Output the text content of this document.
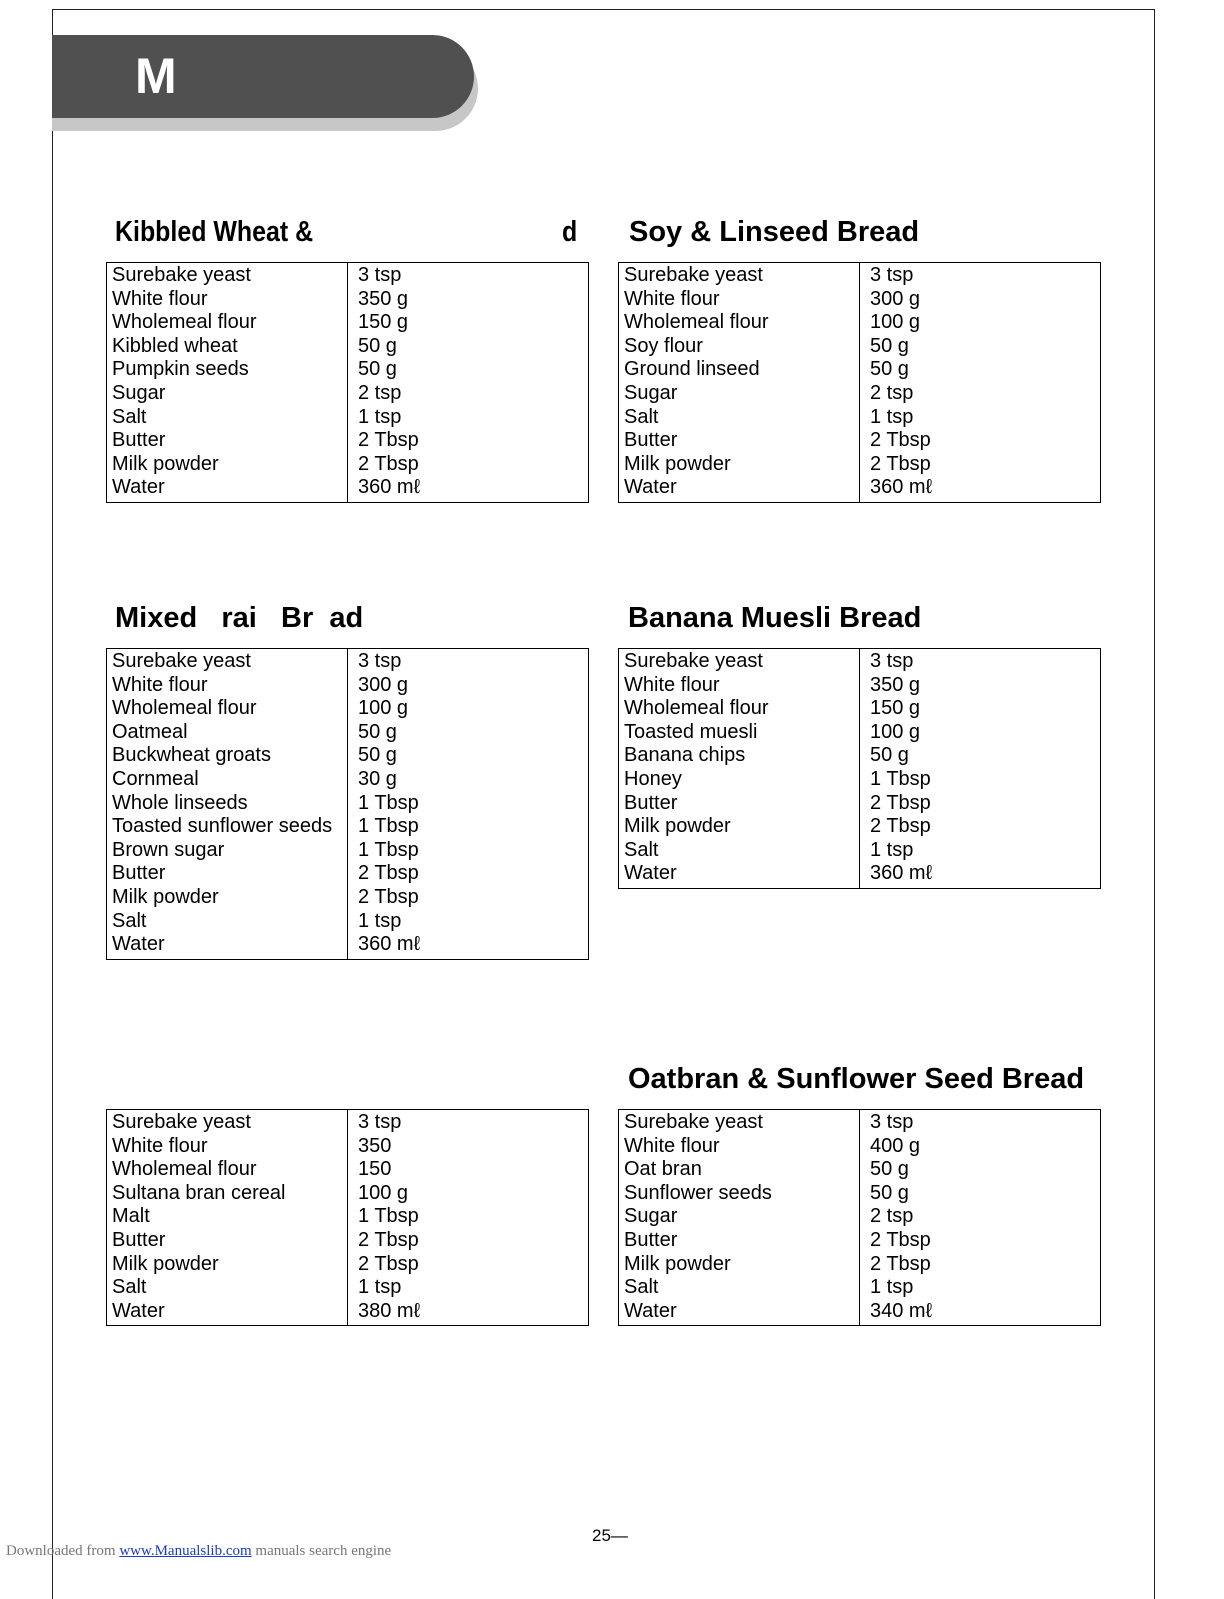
M
Kibbled Wheat &	d
Surebake yeast	3 tsp
White flour	350 g
Wholemeal flour	150 g
Kibbled wheat	50 g
Pumpkin seeds	50 g
Sugar	2 tsp
Salt	1 tsp
Butter	2 Tbsp
Milk powder	2 Tbsp
Water	360 mℓ
Soy & Linseed Bread
Surebake yeast	3 tsp
White flour	300 g
Wholemeal flour	100 g
Soy flour	50 g
Ground linseed	50 g
Sugar	2 tsp
Salt	1 tsp
Butter	2 Tbsp
Milk powder	2 Tbsp
Water	360 mℓ
Mixed   rai   Br  ad
Surebake yeast	3 tsp
White flour	300 g
Wholemeal flour	100 g
Oatmeal	50 g
Buckwheat groats	50 g
Cornmeal	30 g
Whole linseeds	1 Tbsp
Toasted sunflower seeds	1 Tbsp
Brown sugar	1 Tbsp
Butter	2 Tbsp
Milk powder	2 Tbsp
Salt	1 tsp
Water	360 mℓ
Banana Muesli Bread
Surebake yeast	3 tsp
White flour	350 g
Wholemeal flour	150 g
Toasted muesli	100 g
Banana chips	50 g
Honey	1 Tbsp
Butter	2 Tbsp
Milk powder	2 Tbsp
Salt	1 tsp
Water	360 mℓ
Surebake yeast	3 tsp
White flour	350
Wholemeal flour	150
Sultana bran cereal	100 g
Malt	1 Tbsp
Butter	2 Tbsp
Milk powder	2 Tbsp
Salt	1 tsp
Water	380 mℓ
Oatbran & Sunflower Seed Bread
Surebake yeast	3 tsp
White flour	400 g
Oat bran	50 g
Sunflower seeds	50 g
Sugar	2 tsp
Butter	2 Tbsp
Milk powder	2 Tbsp
Salt	1 tsp
Water	340 mℓ
25—
Downloaded from www.Manualslib.com manuals search engine
